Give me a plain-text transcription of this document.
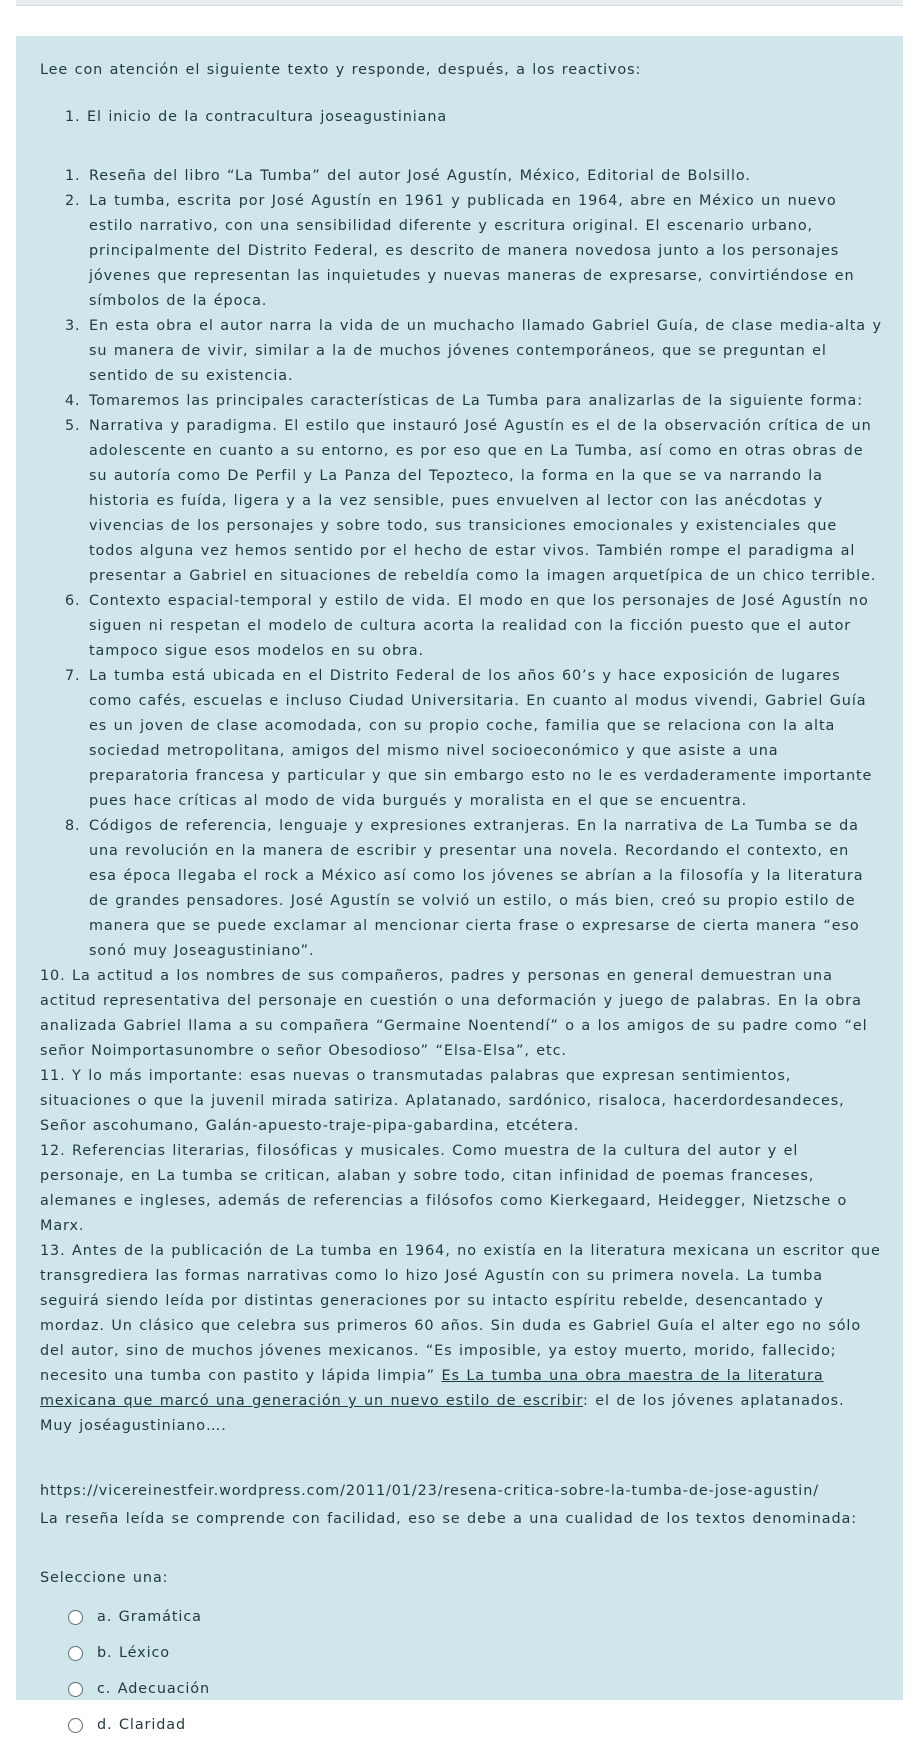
Lee con atención el siguiente texto y responde, después, a los reactivos:

1. El inicio de la contracultura joseagustiniana

1. Reseña del libro “La Tumba” del autor José Agustín, México, Editorial de Bolsillo.
2. La tumba, escrita por José Agustín en 1961 y publicada en 1964, abre en México un nuevo estilo narrativo, con una sensibilidad diferente y escritura original. El escenario urbano, principalmente del Distrito Federal, es descrito de manera novedosa junto a los personajes jóvenes que representan las inquietudes y nuevas maneras de expresarse, convirtiéndose en símbolos de la época.
3. En esta obra el autor narra la vida de un muchacho llamado Gabriel Guía, de clase media-alta y su manera de vivir, similar a la de muchos jóvenes contemporáneos, que se preguntan el sentido de su existencia.
4. Tomaremos las principales características de La Tumba para analizarlas de la siguiente forma:
5. Narrativa y paradigma. El estilo que instauró José Agustín es el de la observación crítica de un adolescente en cuanto a su entorno, es por eso que en La Tumba, así como en otras obras de su autoría como De Perfil y La Panza del Tepozteco, la forma en la que se va narrando la historia es fuída, ligera y a la vez sensible, pues envuelven al lector con las anécdotas y vivencias de los personajes y sobre todo, sus transiciones emocionales y existenciales que todos alguna vez hemos sentido por el hecho de estar vivos. También rompe el paradigma al presentar a Gabriel en situaciones de rebeldía como la imagen arquetípica de un chico terrible.
6. Contexto espacial-temporal y estilo de vida. El modo en que los personajes de José Agustín no siguen ni respetan el modelo de cultura acorta la realidad con la ficción puesto que el autor tampoco sigue esos modelos en su obra.
7. La tumba está ubicada en el Distrito Federal de los años 60’s y hace exposición de lugares como cafés, escuelas e incluso Ciudad Universitaria. En cuanto al modus vivendi, Gabriel Guía es un joven de clase acomodada, con su propio coche, familia que se relaciona con la alta sociedad metropolitana, amigos del mismo nivel socioeconómico y que asiste a una preparatoria francesa y particular y que sin embargo esto no le es verdaderamente importante pues hace críticas al modo de vida burgués y moralista en el que se encuentra.
8. Códigos de referencia, lenguaje y expresiones extranjeras. En la narrativa de La Tumba se da una revolución en la manera de escribir y presentar una novela. Recordando el contexto, en esa época llegaba el rock a México así como los jóvenes se abrían a la filosofía y la literatura de grandes pensadores. José Agustín se volvió un estilo, o más bien, creó su propio estilo de manera que se puede exclamar al mencionar cierta frase o expresarse de cierta manera “eso sonó muy Joseagustiniano”.

10. La actitud a los nombres de sus compañeros, padres y personas en general demuestran una actitud representativa del personaje en cuestión o una deformación y juego de palabras. En la obra analizada Gabriel llama a su compañera “Germaine Noentendí” o a los amigos de su padre como “el señor Noimportasunombre o señor Obesodioso” “Elsa-Elsa”, etc.

11. Y lo más importante: esas nuevas o transmutadas palabras que expresan sentimientos, situaciones o que la juvenil mirada satiriza. Aplatanado, sardónico, risaloca, hacerdordesandeces, Señor ascohumano, Galán-apuesto-traje-pipa-gabardina, etcétera.

12. Referencias literarias, filosóficas y musicales. Como muestra de la cultura del autor y el personaje, en La tumba se critican, alaban y sobre todo, citan infinidad de poemas franceses, alemanes e ingleses, además de referencias a filósofos como Kierkegaard, Heidegger, Nietzsche o Marx.

13. Antes de la publicación de La tumba en 1964, no existía en la literatura mexicana un escritor que transgrediera las formas narrativas como lo hizo José Agustín con su primera novela. La tumba seguirá siendo leída por distintas generaciones por su intacto espíritu rebelde, desencantado y mordaz. Un clásico que celebra sus primeros 60 años. Sin duda es Gabriel Guía el alter ego no sólo del autor, sino de muchos jóvenes mexicanos. “Es imposible, ya estoy muerto, morido, fallecido; necesito una tumba con pastito y lápida limpia” Es La tumba una obra maestra de la literatura mexicana que marcó una generación y un nuevo estilo de escribir: el de los jóvenes aplatanados. Muy joséagustiniano….

https://vicereinestfeir.wordpress.com/2011/01/23/resena-critica-sobre-la-tumba-de-jose-agustin/

La reseña leída se comprende con facilidad, eso se debe a una cualidad de los textos denominada:

Seleccione una:

a. Gramática
b. Léxico
c. Adecuación
d. Claridad
